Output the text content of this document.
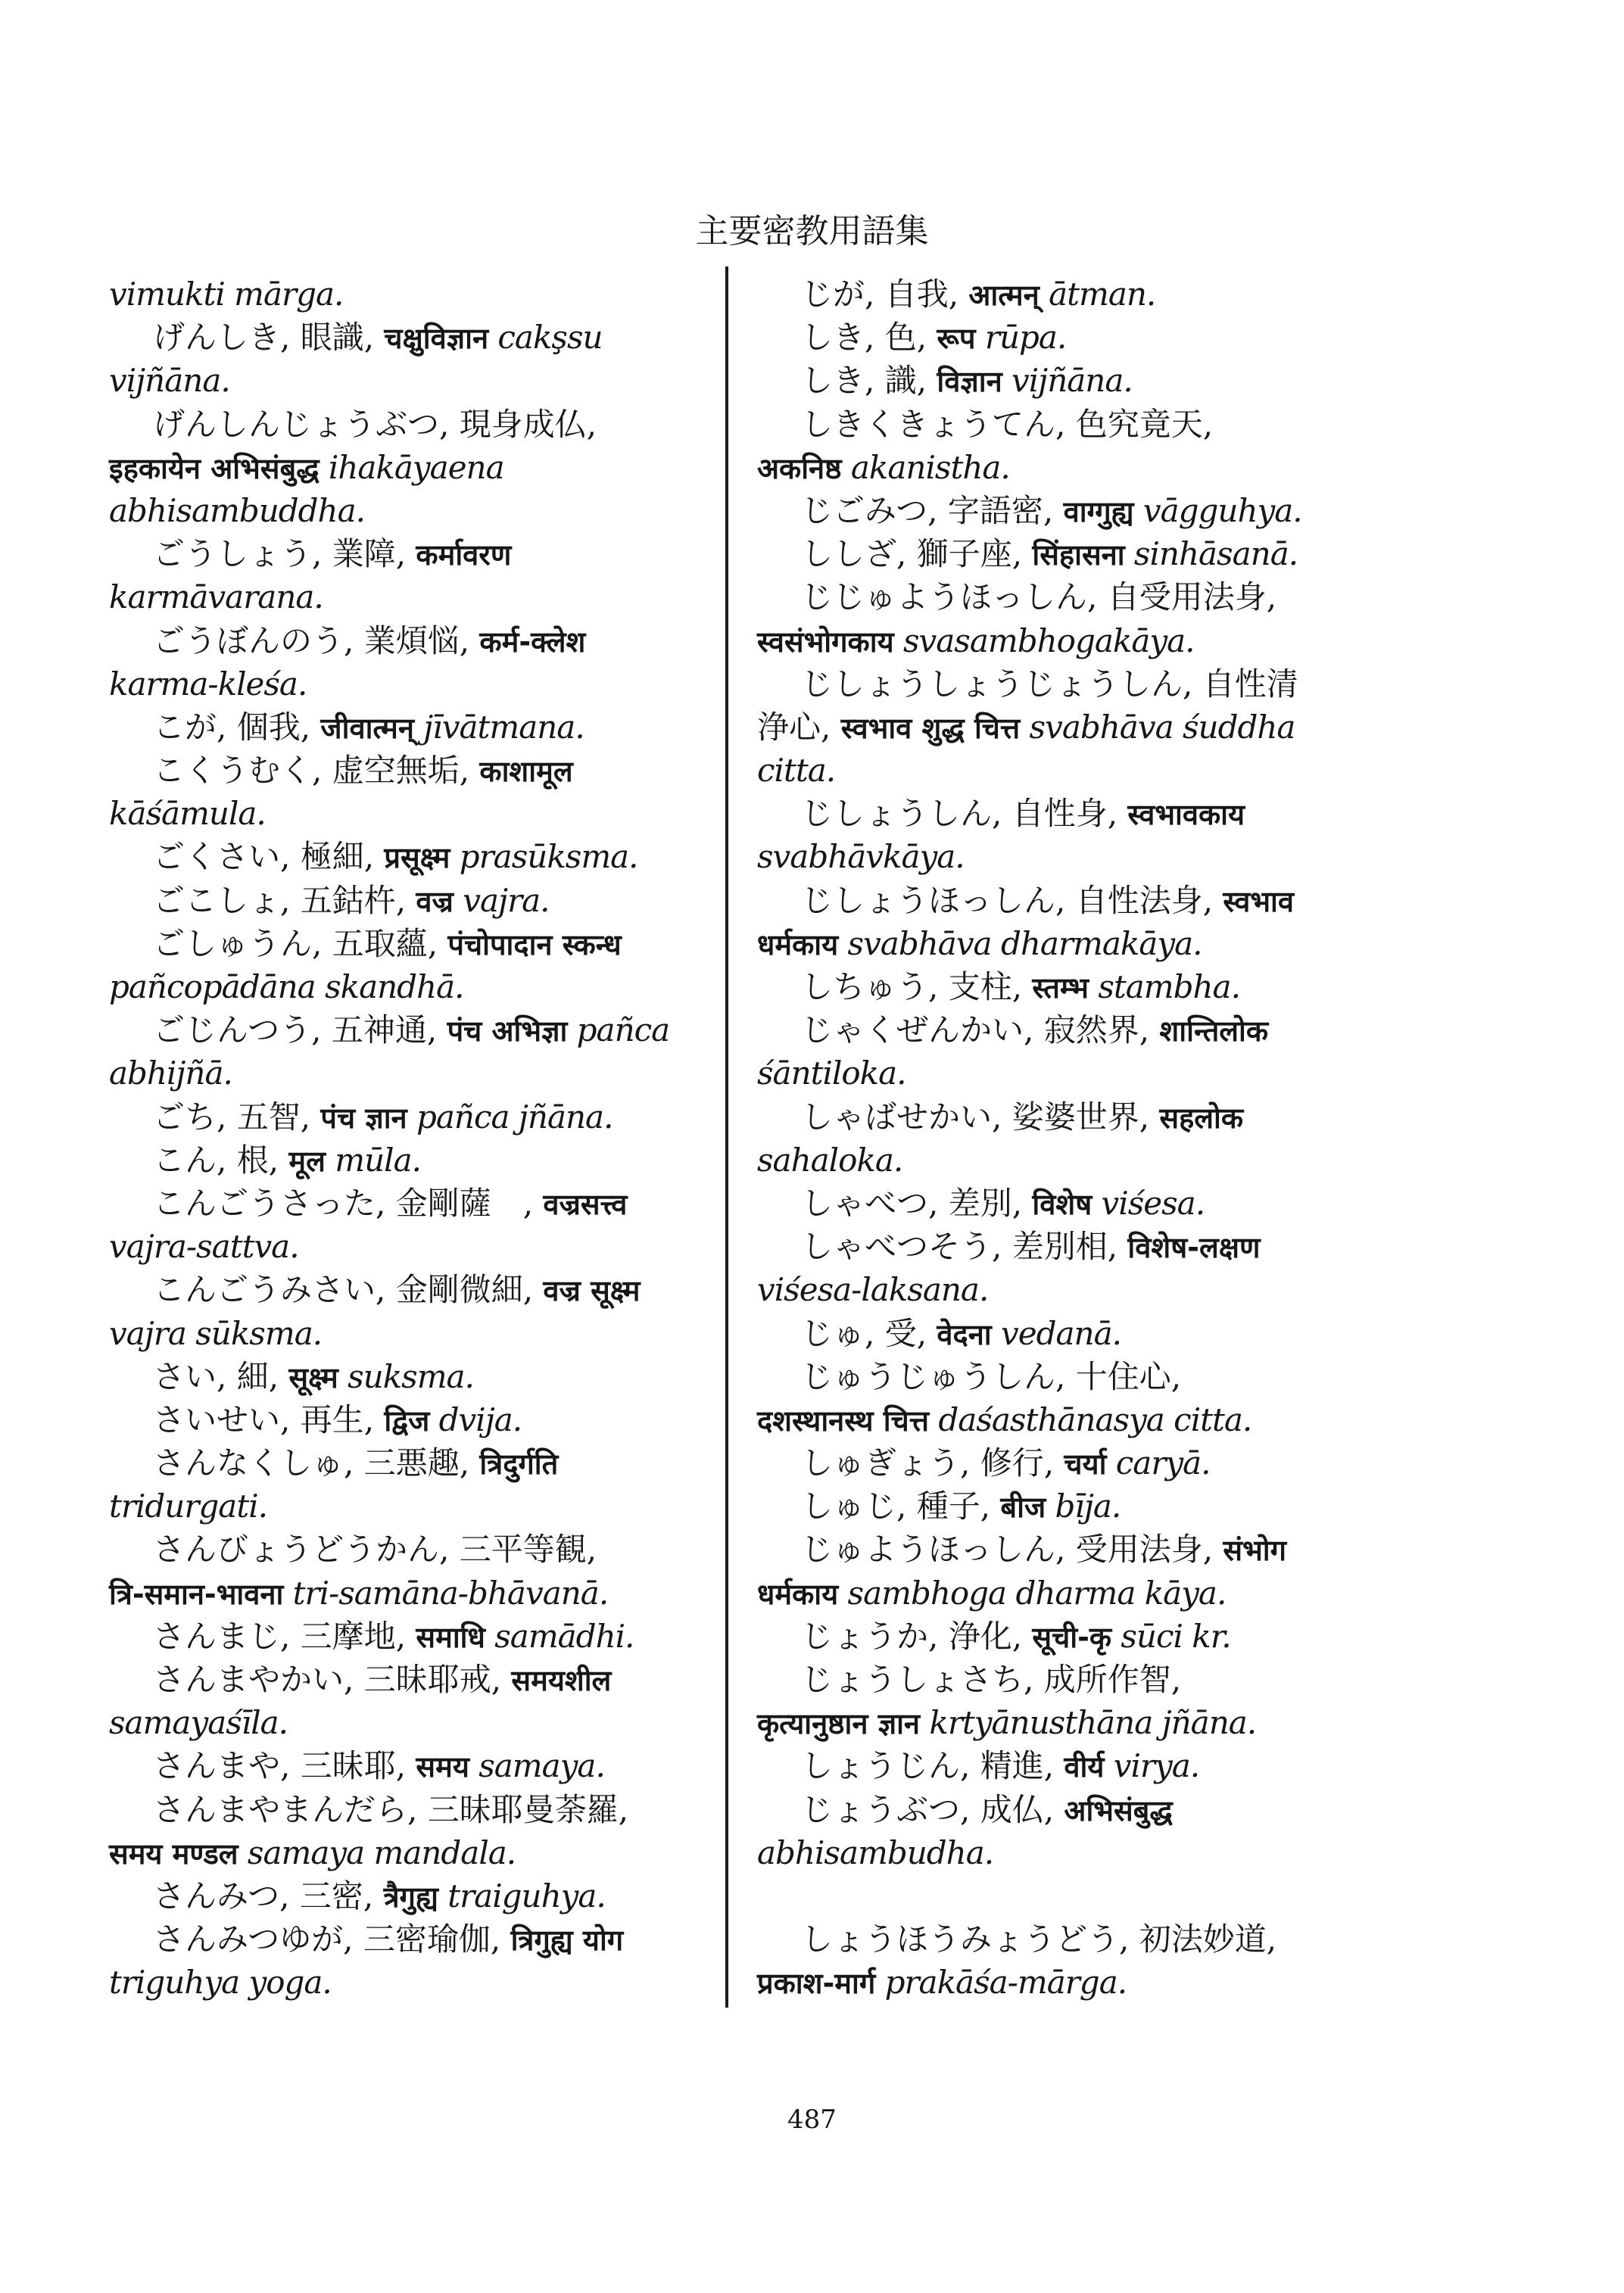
主要密教用語集
vimukti mārga.
げんしき, 眼識, चक्षुविज्ञान cakşsu
vijñāna.
げんしんじょうぶつ, 現身成仏,
इहकायेन अभिसंबुद्ध ihakāyaena
abhisambuddha.
ごうしょう, 業障, कर्मावरण
karmāvarana.
ごうぼんのう, 業煩悩, कर्म-क्लेश
karma-kleśa.
こが, 個我, जीवात्मन् jīvātmana.
こくうむく, 虚空無垢, काशामूल
kāśāmula.
ごくさい, 極細, प्रसूक्ष्म prasūksma.
ごこしょ, 五鈷杵, वज्र vajra.
ごしゅうん, 五取蘊, पंचोपादान स्कन्ध
pañcopādāna skandhā.
ごじんつう, 五神通, पंच अभिज्ञा pañca
abhijñā.
ごち, 五智, पंच ज्ञान pañca jñāna.
こん, 根, मूल mūla.
こんごうさった, 金剛薩　, वज्रसत्त्व
vajra-sattva.
こんごうみさい, 金剛微細, वज्र सूक्ष्म
vajra sūksma.
さい, 細, सूक्ष्म suksma.
さいせい, 再生, द्विज dvija.
さんなくしゅ, 三悪趣, त्रिदुर्गति
tridurgati.
さんびょうどうかん, 三平等観,
त्रि-समान-भावना tri-samāna-bhāvanā.
さんまじ, 三摩地, समाधि samādhi.
さんまやかい, 三昧耶戒, समयशील
samayaśīla.
さんまや, 三昧耶, समय samaya.
さんまやまんだら, 三昧耶曼荼羅,
समय मण्डल samaya mandala.
さんみつ, 三密, त्रैगुह्य traiguhya.
さんみつゆが, 三密瑜伽, त्रिगुह्य योग
triguhya yoga.
じが, 自我, आत्मन् ātman.
しき, 色, रूप rūpa.
しき, 識, विज्ञान vijñāna.
しきくきょうてん, 色究竟天,
अकनिष्ठ akanistha.
じごみつ, 字語密, वाग्गुह्य vāgguhya.
ししざ, 獅子座, सिंहासना sinhāsanā.
じじゅようほっしん, 自受用法身,
स्वसंभोगकाय svasambhogakāya.
じしょうしょうじょうしん, 自性清
浄心, स्वभाव शुद्ध चित्त svabhāva śuddha
citta.
じしょうしん, 自性身, स्वभावकाय
svabhāvkāya.
じしょうほっしん, 自性法身, स्वभाव
धर्मकाय svabhāva dharmakāya.
しちゅう, 支柱, स्तम्भ stambha.
じゃくぜんかい, 寂然界, शान्तिलोक
śāntiloka.
しゃばせかい, 娑婆世界, सहलोक
sahaloka.
しゃべつ, 差別, विशेष viśesa.
しゃべつそう, 差別相, विशेष-लक्षण
viśesa-laksana.
じゅ, 受, वेदना vedanā.
じゅうじゅうしん, 十住心,
दशस्थानस्थ चित्त daśasthānasya citta.
しゅぎょう, 修行, चर्या caryā.
しゅじ, 種子, बीज bīja.
じゅようほっしん, 受用法身, संभोग
धर्मकाय sambhoga dharma kāya.
じょうか, 浄化, सूची-कृ sūci kr.
じょうしょさち, 成所作智,
कृत्यानुष्ठान ज्ञान krtyānusthāna jñāna.
しょうじん, 精進, वीर्य virya.
じょうぶつ, 成仏, अभिसंबुद्ध
abhisambudha.
しょうほうみょうどう, 初法妙道,
प्रकाश-मार्ग prakāśa-mārga.
487
